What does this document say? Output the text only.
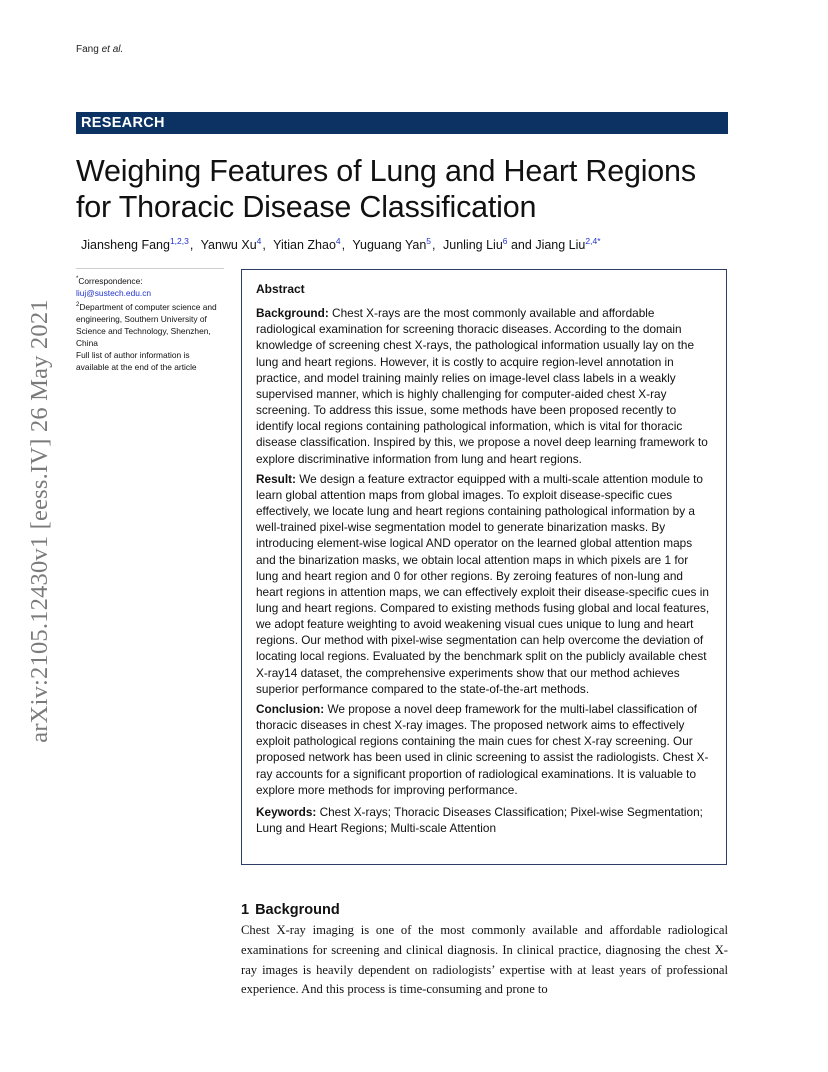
Fang et al.
arXiv:2105.12430v1 [eess.IV] 26 May 2021
RESEARCH
Weighing Features of Lung and Heart Regions for Thoracic Disease Classification
Jiansheng Fang$^{1,2,3}$, Yanwu Xu$^4$, Yitian Zhao$^4$, Yuguang Yan$^5$, Junling Liu$^6$ and Jiang Liu$^{2,4*}$
*Correspondence:
liuj@sustech.edu.cn
$^2$Department of computer science and engineering, Southern University of Science and Technology, Shenzhen, China
Full list of author information is available at the end of the article
Abstract

Background: Chest X-rays are the most commonly available and affordable radiological examination for screening thoracic diseases. According to the domain knowledge of screening chest X-rays, the pathological information usually lay on the lung and heart regions. However, it is costly to acquire region-level annotation in practice, and model training mainly relies on image-level class labels in a weakly supervised manner, which is highly challenging for computer-aided chest X-ray screening. To address this issue, some methods have been proposed recently to identify local regions containing pathological information, which is vital for thoracic disease classification. Inspired by this, we propose a novel deep learning framework to explore discriminative information from lung and heart regions.

Result: We design a feature extractor equipped with a multi-scale attention module to learn global attention maps from global images. To exploit disease-specific cues effectively, we locate lung and heart regions containing pathological information by a well-trained pixel-wise segmentation model to generate binarization masks. By introducing element-wise logical AND operator on the learned global attention maps and the binarization masks, we obtain local attention maps in which pixels are 1 for lung and heart region and 0 for other regions. By zeroing features of non-lung and heart regions in attention maps, we can effectively exploit their disease-specific cues in lung and heart regions. Compared to existing methods fusing global and local features, we adopt feature weighting to avoid weakening visual cues unique to lung and heart regions. Our method with pixel-wise segmentation can help overcome the deviation of locating local regions. Evaluated by the benchmark split on the publicly available chest X-ray14 dataset, the comprehensive experiments show that our method achieves superior performance compared to the state-of-the-art methods.

Conclusion: We propose a novel deep framework for the multi-label classification of thoracic diseases in chest X-ray images. The proposed network aims to effectively exploit pathological regions containing the main cues for chest X-ray screening. Our proposed network has been used in clinic screening to assist the radiologists. Chest X-ray accounts for a significant proportion of radiological examinations. It is valuable to explore more methods for improving performance.

Keywords: Chest X-rays; Thoracic Diseases Classification; Pixel-wise Segmentation; Lung and Heart Regions; Multi-scale Attention

1 Background
Chest X-ray imaging is one of the most commonly available and affordable radiological examinations for screening and clinical diagnosis. In clinical practice, diagnosing the chest X-ray images is heavily dependent on radiologists’ expertise with at least years of professional experience. And this process is time-consuming and prone to
